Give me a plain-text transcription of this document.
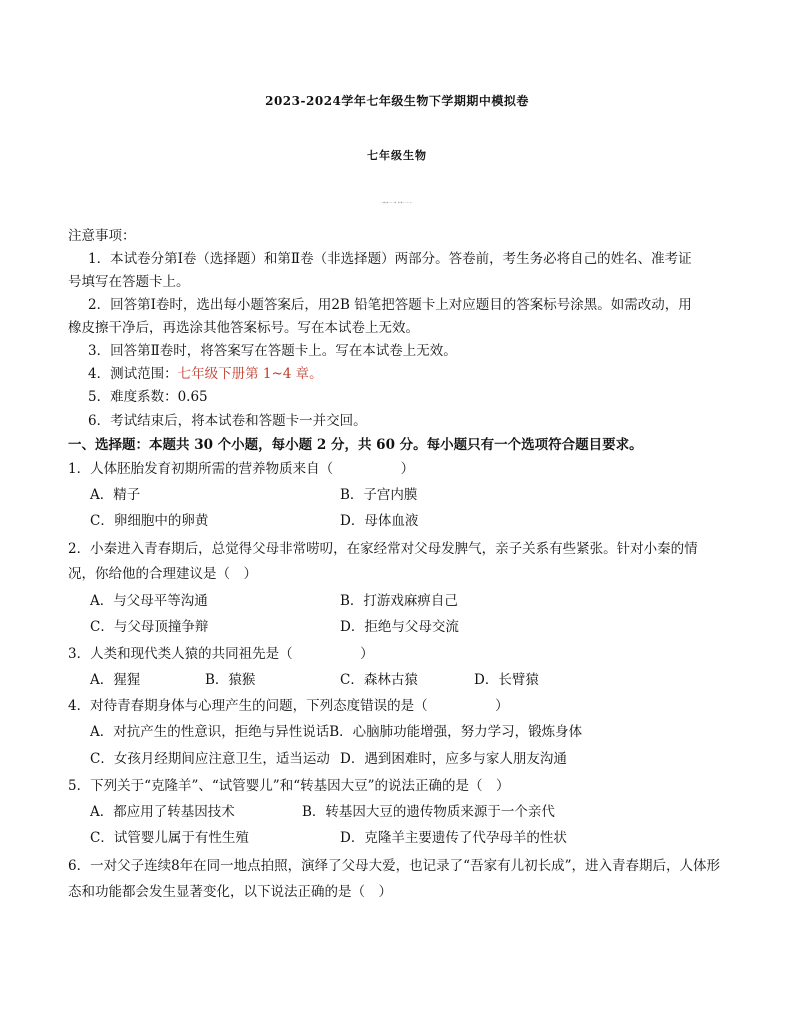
2023-2024学年七年级生物下学期期中模拟卷
七年级生物
（考试时间：60 分钟　试卷满分：100 分）
注意事项：
1．本试卷分第Ⅰ卷（选择题）和第Ⅱ卷（非选择题）两部分。答卷前，考生务必将自己的姓名、准考证
号填写在答题卡上。
2．回答第Ⅰ卷时，选出每小题答案后，用2B 铅笔把答题卡上对应题目的答案标号涂黑。如需改动，用
橡皮擦干净后，再选涂其他答案标号。写在本试卷上无效。
3．回答第Ⅱ卷时，将答案写在答题卡上。写在本试卷上无效。
4．测试范围：七年级下册第 1~4 章。
5．难度系数：0.65
6．考试结束后，将本试卷和答题卡一并交回。
一、选择题：本题共 30 个小题，每小题 2 分，共 60 分。每小题只有一个选项符合题目要求。
1．人体胚胎发育初期所需的营养物质来自（　　　　　）
A．精子	B．子宫内膜
C．卵细胞中的卵黄	D．母体血液
2．小秦进入青春期后，总觉得父母非常唠叨，在家经常对父母发脾气，亲子关系有些紧张。针对小秦的情
况，你给他的合理建议是（　）
A．与父母平等沟通	B．打游戏麻痹自己
C．与父母顶撞争辩	D．拒绝与父母交流
3．人类和现代类人猿的共同祖先是（　　　　　）
A．猩猩	B．猿猴	C．森林古猿	D．长臂猿
4．对待青春期身体与心理产生的问题，下列态度错误的是（　　　　　）
A．对抗产生的性意识，拒绝与异性说话B．心脑肺功能增强，努力学习，锻炼身体
C．女孩月经期间应注意卫生，适当运动 D．遇到困难时，应多与家人朋友沟通
5．下列关于“克隆羊”、“试管婴儿”和“转基因大豆”的说法正确的是（　）
A．都应用了转基因技术	B．转基因大豆的遗传物质来源于一个亲代
C．试管婴儿属于有性生殖	D．克隆羊主要遗传了代孕母羊的性状
6．一对父子连续8年在同一地点拍照，演绎了父母大爱，也记录了“吾家有儿初长成”，进入青春期后，人体形
态和功能都会发生显著变化，以下说法正确的是（　）
